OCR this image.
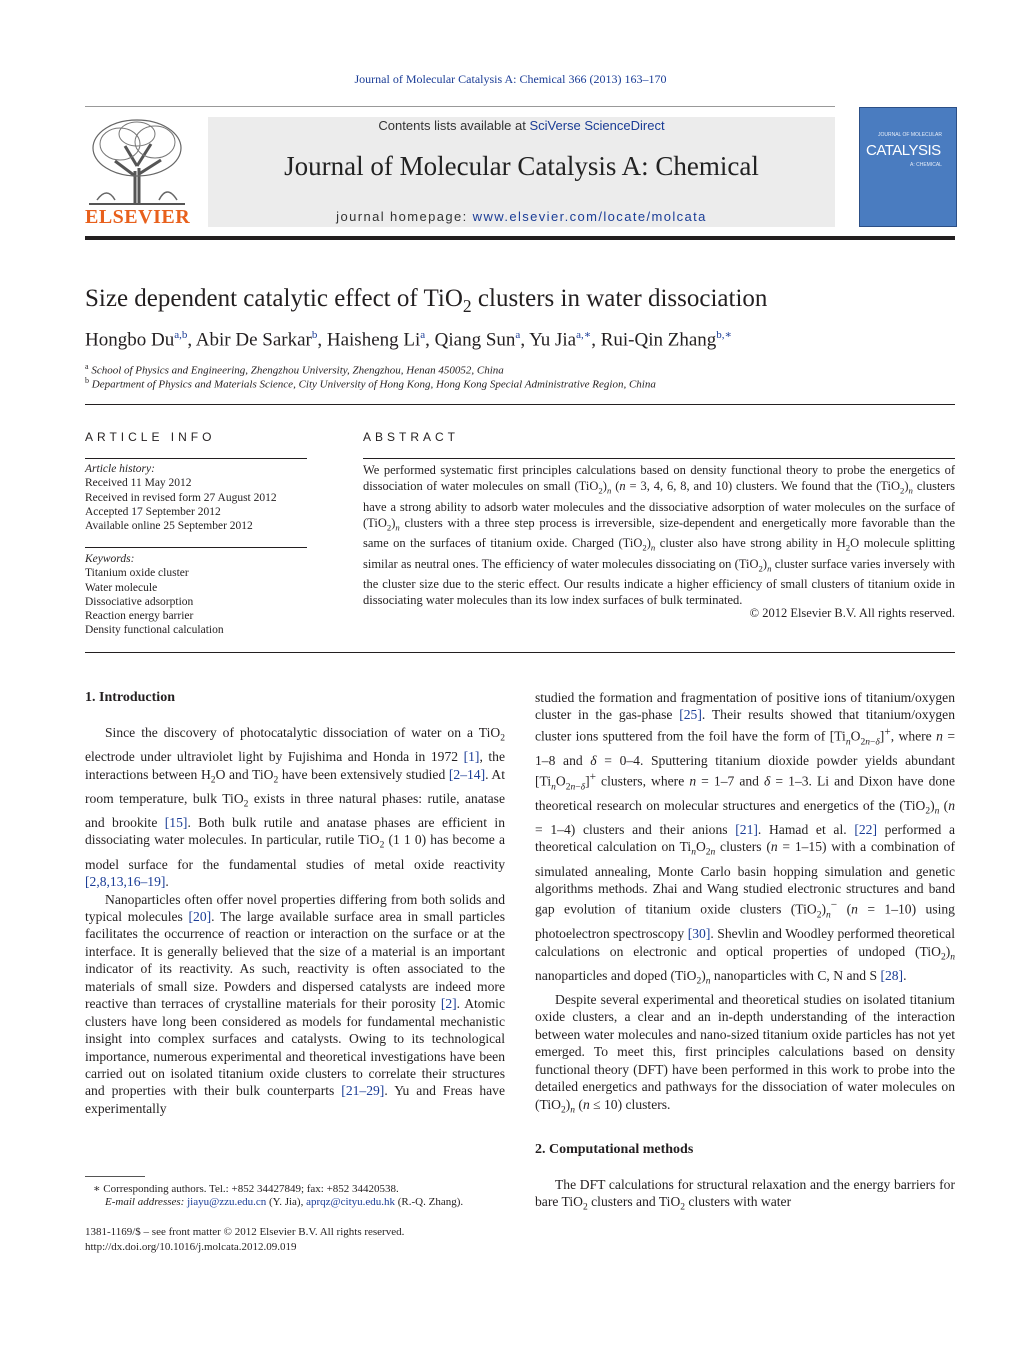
Journal of Molecular Catalysis A: Chemical 366 (2013) 163–170
ELSEVIER
Contents lists available at SciVerse ScienceDirect
Journal of Molecular Catalysis A: Chemical
journal homepage: www.elsevier.com/locate/molcata
JOURNAL OF MOLECULAR
CATALYSIS
A: CHEMICAL
Size dependent catalytic effect of TiO$_2$ clusters in water dissociation
Hongbo Du$^{a,b}$, Abir De Sarkar$^b$, Haisheng Li$^a$, Qiang Sun$^a$, Yu Jia$^{a,∗}$, Rui-Qin Zhang$^{b,∗}$
$^a$ School of Physics and Engineering, Zhengzhou University, Zhengzhou, Henan 450052, China
$^b$ Department of Physics and Materials Science, City University of Hong Kong, Hong Kong Special Administrative Region, China
ARTICLE INFO
Article history:
Received 11 May 2012
Received in revised form 27 August 2012
Accepted 17 September 2012
Available online 25 September 2012
Keywords:
Titanium oxide cluster
Water molecule
Dissociative adsorption
Reaction energy barrier
Density functional calculation
ABSTRACT
We performed systematic first principles calculations based on density functional theory to probe the energetics of dissociation of water molecules on small $(TiO_2)_n$ (n = 3, 4, 6, 8, and 10) clusters. We found that the $(TiO_2)_n$ clusters have a strong ability to adsorb water molecules and the dissociative adsorption of water molecules on the surface of $(TiO_2)_n$ clusters with a three step process is irreversible, size-dependent and energetically more favorable than the same on the surfaces of titanium oxide. Charged $(TiO_2)_n$ cluster also have strong ability in $H_2O$ molecule splitting similar as neutral ones. The efficiency of water molecules dissociating on $(TiO_2)_n$ cluster surface varies inversely with the cluster size due to the steric effect. Our results indicate a higher efficiency of small clusters of titanium oxide in dissociating water molecules than its low index surfaces of bulk terminated.
© 2012 Elsevier B.V. All rights reserved.
1. Introduction

Since the discovery of photocatalytic dissociation of water on a TiO$_2$ electrode under ultraviolet light by Fujishima and Honda in 1972 [1], the interactions between $H_2O$ and TiO$_2$ have been extensively studied [2–14]. At room temperature, bulk TiO$_2$ exists in three natural phases: rutile, anatase and brookite [15]. Both bulk rutile and anatase phases are efficient in dissociating water molecules. In particular, rutile TiO$_2$ (1 1 0) has become a model surface for the fundamental studies of metal oxide reactivity [2,8,13,16–19].

Nanoparticles often offer novel properties differing from both solids and typical molecules [20]. The large available surface area in small particles facilitates the occurrence of reaction or interaction on the surface or at the interface. It is generally believed that the size of a material is an important indicator of its reactivity. As such, reactivity is often associated to the materials of small size. Powders and dispersed catalysts are indeed more reactive than terraces of crystalline materials for their porosity [2]. Atomic clusters have long been considered as models for fundamental mechanistic insight into complex surfaces and catalysts. Owing to its technological importance, numerous experimental and theoretical investigations have been carried out on isolated titanium oxide clusters to correlate their structures and properties with their bulk counterparts [21–29]. Yu and Freas have experimentally

studied the formation and fragmentation of positive ions of titanium/oxygen cluster in the gas-phase [25]. Their results showed that titanium/oxygen cluster ions sputtered from the foil have the form of $[Ti_nO_{2n-\delta}]^+$, where n = 1–8 and δ = 0–4. Sputtering titanium dioxide powder yields abundant $[Ti_nO_{2n-\delta}]^+$ clusters, where n = 1–7 and δ = 1–3. Li and Dixon have done theoretical research on molecular structures and energetics of the $(TiO_2)_n$ (n = 1–4) clusters and their anions [21]. Hamad et al. [22] performed a theoretical calculation on $Ti_nO_{2n}$ clusters (n = 1–15) with a combination of simulated annealing, Monte Carlo basin hopping simulation and genetic algorithms methods. Zhai and Wang studied electronic structures and band gap evolution of titanium oxide clusters $(TiO_2)_n^-$ (n = 1–10) using photoelectron spectroscopy [30]. Shevlin and Woodley performed theoretical calculations on electronic and optical properties of undoped $(TiO_2)_n$ nanoparticles and doped $(TiO_2)_n$ nanoparticles with C, N and S [28].

Despite several experimental and theoretical studies on isolated titanium oxide clusters, a clear and an in-depth understanding of the interaction between water molecules and nano-sized titanium oxide particles has not yet emerged. To meet this, first principles calculations based on density functional theory (DFT) have been performed in this work to probe into the detailed energetics and pathways for the dissociation of water molecules on $(TiO_2)_n$ (n ≤ 10) clusters.

2. Computational methods

The DFT calculations for structural relaxation and the energy barriers for bare TiO$_2$ clusters and TiO$_2$ clusters with water

∗ Corresponding authors. Tel.: +852 34427849; fax: +852 34420538.
E-mail addresses: jiayu@zzu.edu.cn (Y. Jia), aprqz@cityu.edu.hk (R.-Q. Zhang).
1381-1169/$ – see front matter © 2012 Elsevier B.V. All rights reserved.
http://dx.doi.org/10.1016/j.molcata.2012.09.019
